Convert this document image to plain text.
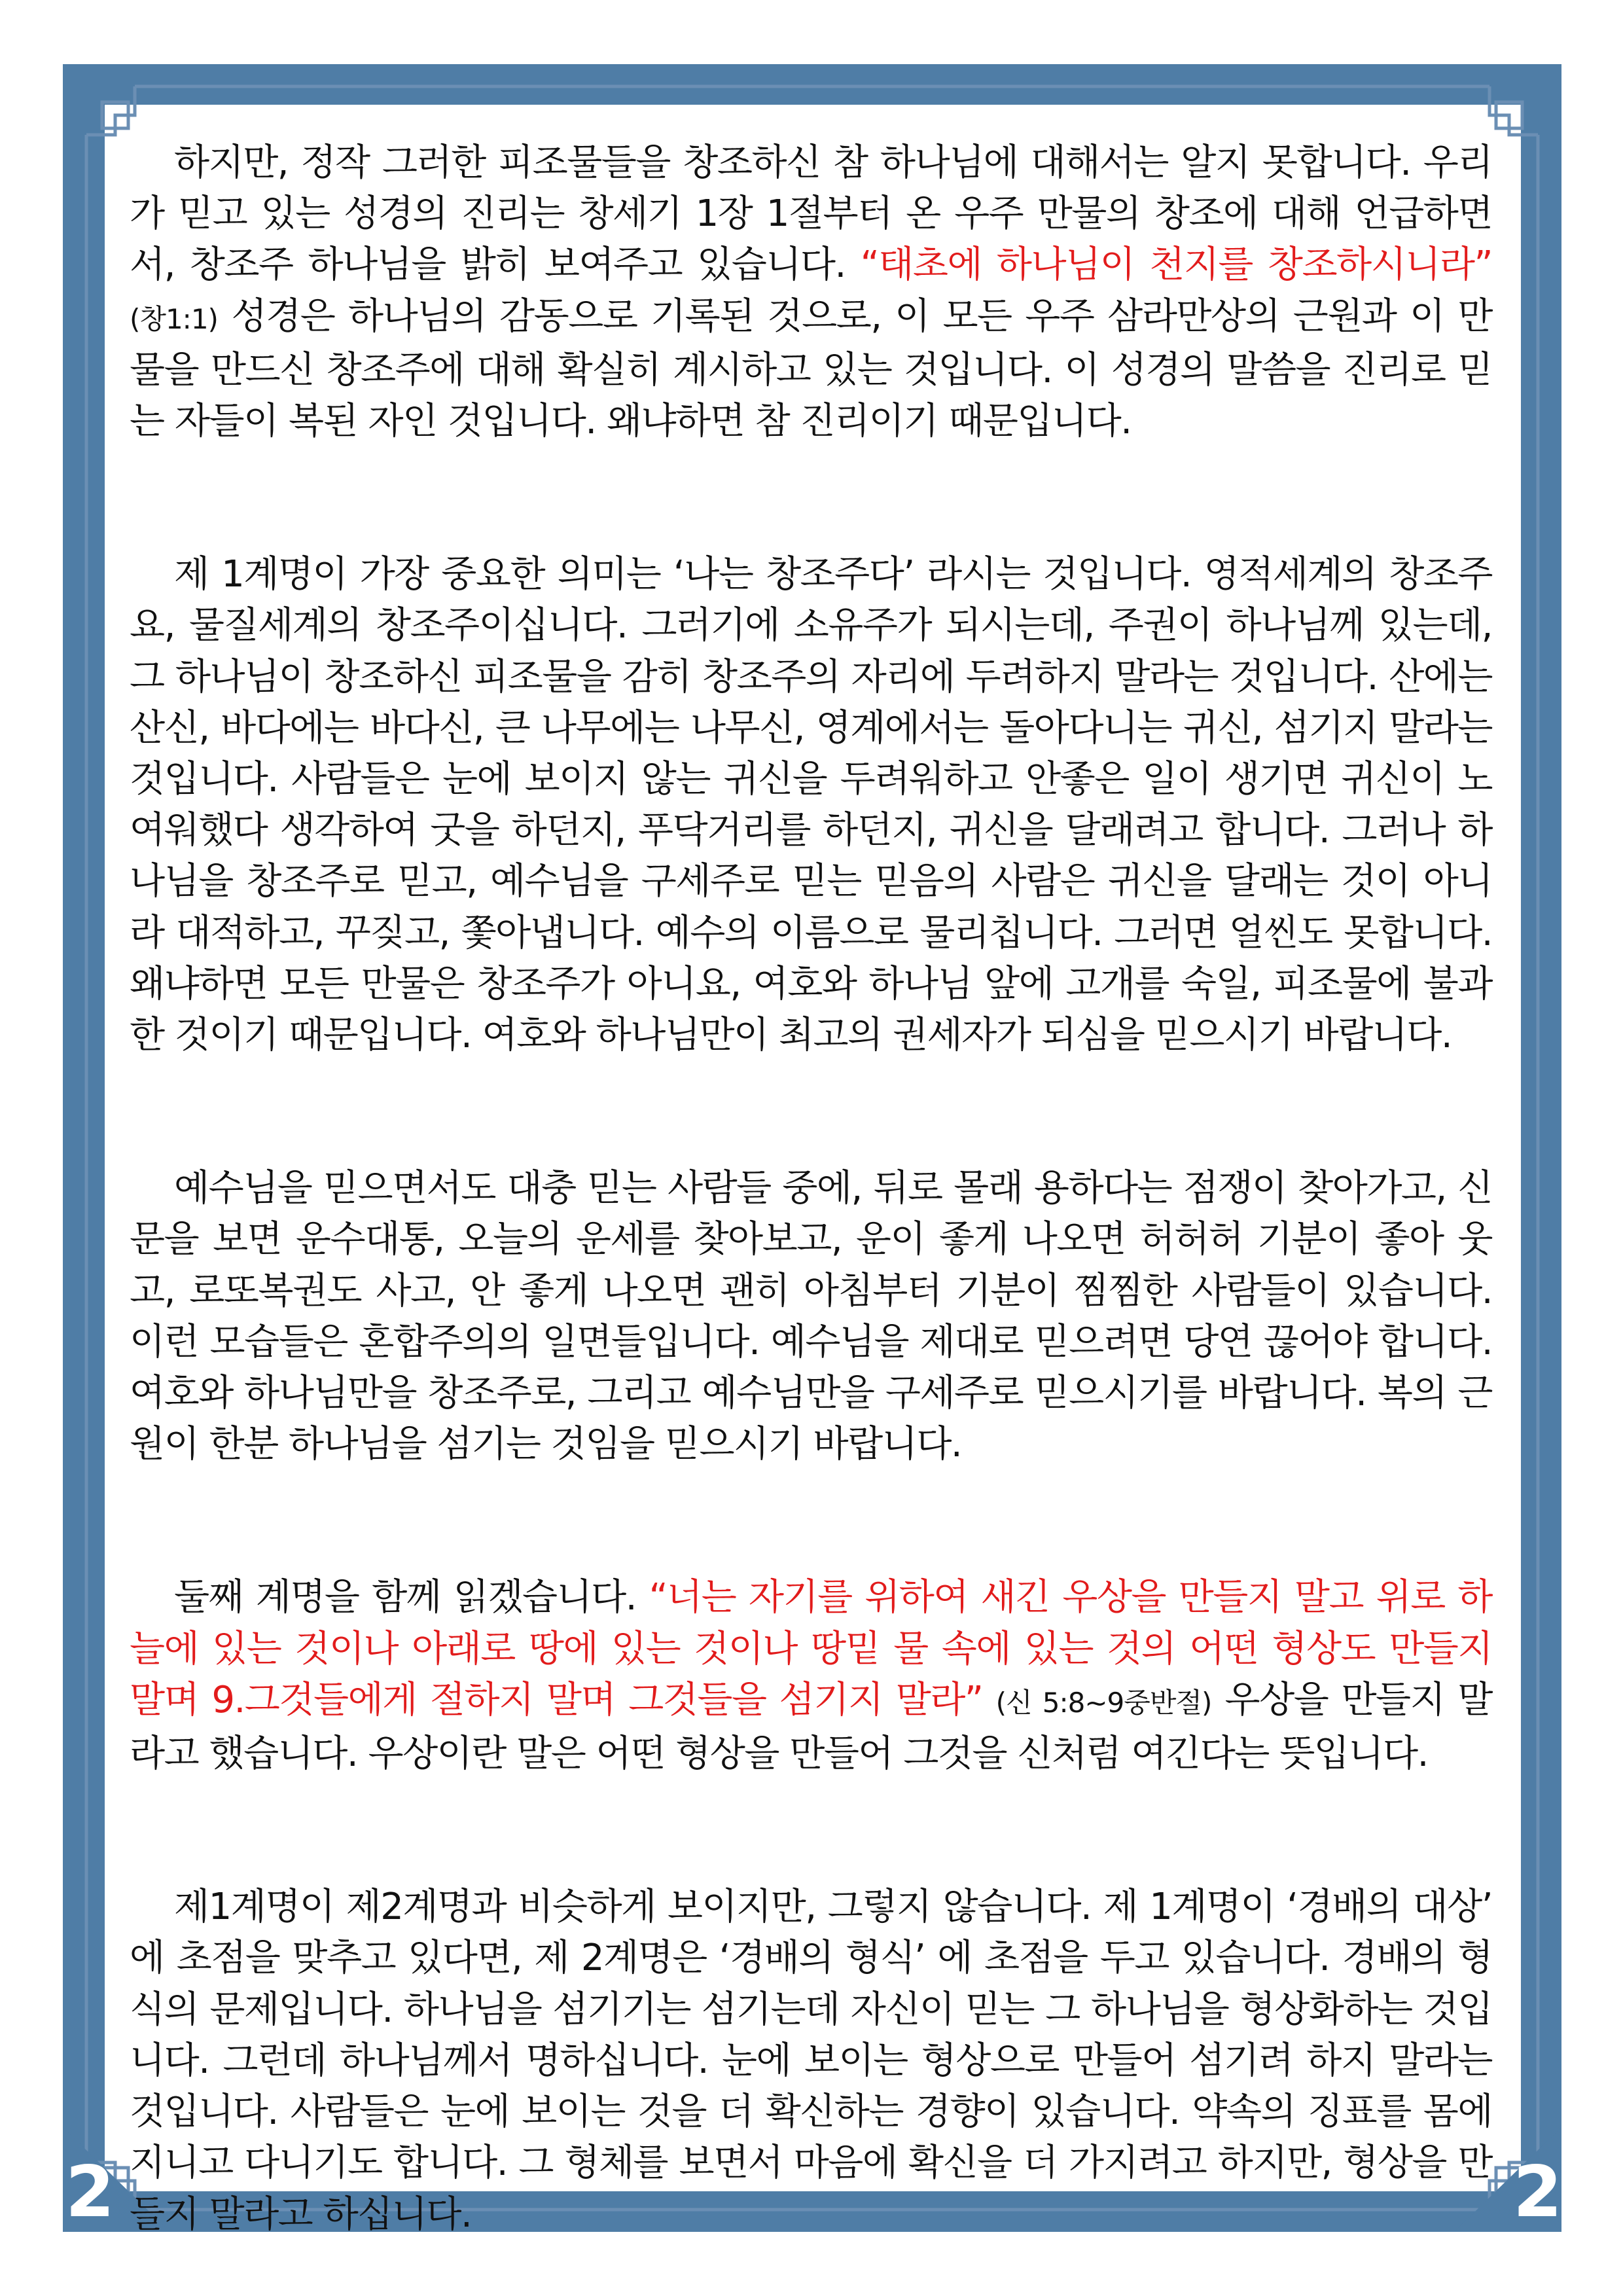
2	2

하지만, 정작 그러한 피조물들을 창조하신 참 하나님에 대해서는 알지 못합니다. 우리가 믿고 있는 성경의 진리는 창세기 1장 1절부터 온 우주 만물의 창조에 대해 언급하면서, 창조주 하나님을 밝히 보여주고 있습니다. “태초에 하나님이 천지를 창조하시니라” (창1:1) 성경은 하나님의 감동으로 기록된 것으로, 이 모든 우주 삼라만상의 근원과 이 만물을 만드신 창조주에 대해 확실히 계시하고 있는 것입니다. 이 성경의 말씀을 진리로 믿는 자들이 복된 자인 것입니다. 왜냐하면 참 진리이기 때문입니다.

제 1계명이 가장 중요한 의미는 ‘나는 창조주다’ 라시는 것입니다. 영적세계의 창조주요, 물질세계의 창조주이십니다. 그러기에 소유주가 되시는데, 주권이 하나님께 있는데, 그 하나님이 창조하신 피조물을 감히 창조주의 자리에 두려하지 말라는 것입니다. 산에는 산신, 바다에는 바다신, 큰 나무에는 나무신, 영계에서는 돌아다니는 귀신, 섬기지 말라는 것입니다. 사람들은 눈에 보이지 않는 귀신을 두려워하고 안좋은 일이 생기면 귀신이 노여워했다 생각하여 굿을 하던지, 푸닥거리를 하던지, 귀신을 달래려고 합니다. 그러나 하나님을 창조주로 믿고, 예수님을 구세주로 믿는 믿음의 사람은 귀신을 달래는 것이 아니라 대적하고, 꾸짖고, 쫓아냅니다. 예수의 이름으로 물리칩니다. 그러면 얼씬도 못합니다. 왜냐하면 모든 만물은 창조주가 아니요, 여호와 하나님 앞에 고개를 숙일, 피조물에 불과한 것이기 때문입니다. 여호와 하나님만이 최고의 권세자가 되심을 믿으시기 바랍니다.

예수님을 믿으면서도 대충 믿는 사람들 중에, 뒤로 몰래 용하다는 점쟁이 찾아가고, 신문을 보면 운수대통, 오늘의 운세를 찾아보고, 운이 좋게 나오면 허허허 기분이 좋아 웃고, 로또복권도 사고, 안 좋게 나오면 괜히 아침부터 기분이 찜찜한 사람들이 있습니다. 이런 모습들은 혼합주의의 일면들입니다. 예수님을 제대로 믿으려면 당연 끊어야 합니다. 여호와 하나님만을 창조주로, 그리고 예수님만을 구세주로 믿으시기를 바랍니다. 복의 근원이 한분 하나님을 섬기는 것임을 믿으시기 바랍니다.

둘째 계명을 함께 읽겠습니다. “너는 자기를 위하여 새긴 우상을 만들지 말고 위로 하늘에 있는 것이나 아래로 땅에 있는 것이나 땅밑 물 속에 있는 것의 어떤 형상도 만들지 말며 9.그것들에게 절하지 말며 그것들을 섬기지 말라” (신 5:8~9중반절) 우상을 만들지 말라고 했습니다. 우상이란 말은 어떤 형상을 만들어 그것을 신처럼 여긴다는 뜻입니다.

제1계명이 제2계명과 비슷하게 보이지만, 그렇지 않습니다. 제 1계명이 ‘경배의 대상’ 에 초점을 맞추고 있다면, 제 2계명은 ‘경배의 형식’ 에 초점을 두고 있습니다. 경배의 형식의 문제입니다. 하나님을 섬기기는 섬기는데 자신이 믿는 그 하나님을 형상화하는 것입니다. 그런데 하나님께서 명하십니다. 눈에 보이는 형상으로 만들어 섬기려 하지 말라는 것입니다. 사람들은 눈에 보이는 것을 더 확신하는 경향이 있습니다. 약속의 징표를 몸에 지니고 다니기도 합니다. 그 형체를 보면서 마음에 확신을 더 가지려고 하지만, 형상을 만들지 말라고 하십니다.
